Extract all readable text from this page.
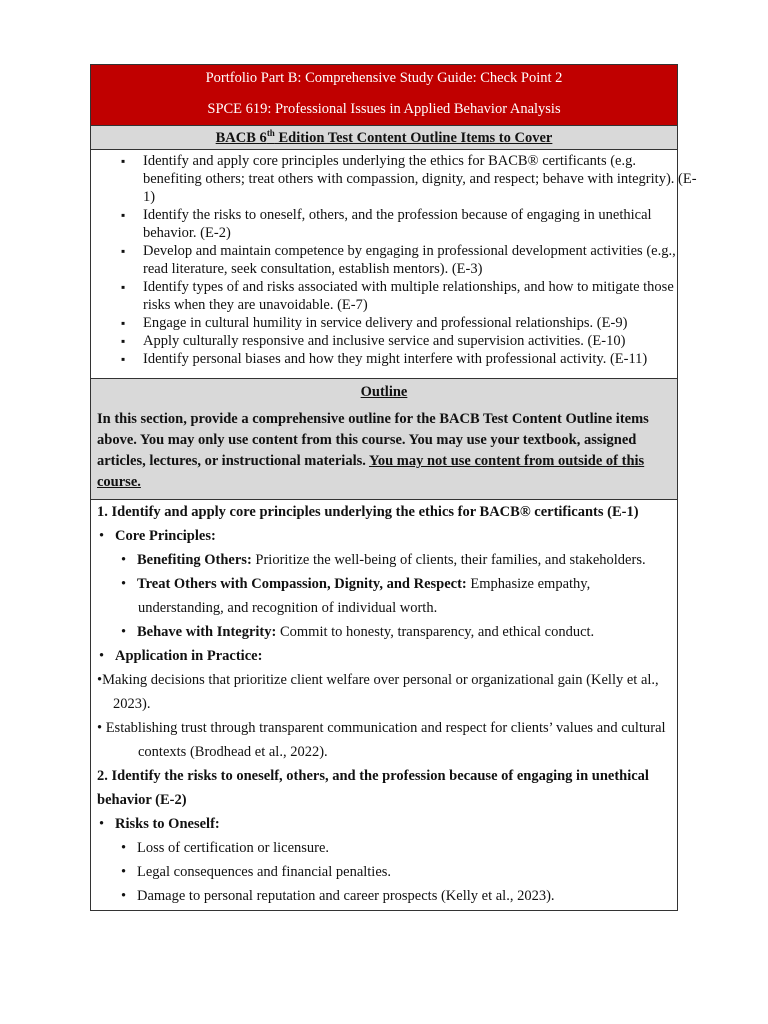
Portfolio Part B: Comprehensive Study Guide: Check Point 2
SPCE 619: Professional Issues in Applied Behavior Analysis
BACB 6th Edition Test Content Outline Items to Cover
▪ Identify and apply core principles underlying the ethics for BACB® certificants (e.g. benefiting others; treat others with compassion, dignity, and respect; behave with integrity). (E-1)
▪ Identify the risks to oneself, others, and the profession because of engaging in unethical behavior. (E-2)
▪ Develop and maintain competence by engaging in professional development activities (e.g., read literature, seek consultation, establish mentors). (E-3)
▪ Identify types of and risks associated with multiple relationships, and how to mitigate those risks when they are unavoidable. (E-7)
▪ Engage in cultural humility in service delivery and professional relationships. (E-9)
▪ Apply culturally responsive and inclusive service and supervision activities. (E-10)
▪ Identify personal biases and how they might interfere with professional activity. (E-11)
Outline
In this section, provide a comprehensive outline for the BACB Test Content Outline items above. You may only use content from this course. You may use your textbook, assigned articles, lectures, or instructional materials. You may not use content from outside of this course.
1. Identify and apply core principles underlying the ethics for BACB® certificants (E-1)
• Core Principles:
• Benefiting Others: Prioritize the well-being of clients, their families, and stakeholders.
• Treat Others with Compassion, Dignity, and Respect: Emphasize empathy,
understanding, and recognition of individual worth.
• Behave with Integrity: Commit to honesty, transparency, and ethical conduct.
• Application in Practice:
•Making decisions that prioritize client welfare over personal or organizational gain (Kelly et al., 2023).
• Establishing trust through transparent communication and respect for clients’ values and cultural contexts (Brodhead et al., 2022).
2. Identify the risks to oneself, others, and the profession because of engaging in unethical behavior (E-2)
• Risks to Oneself:
• Loss of certification or licensure.
• Legal consequences and financial penalties.
• Damage to personal reputation and career prospects (Kelly et al., 2023).
